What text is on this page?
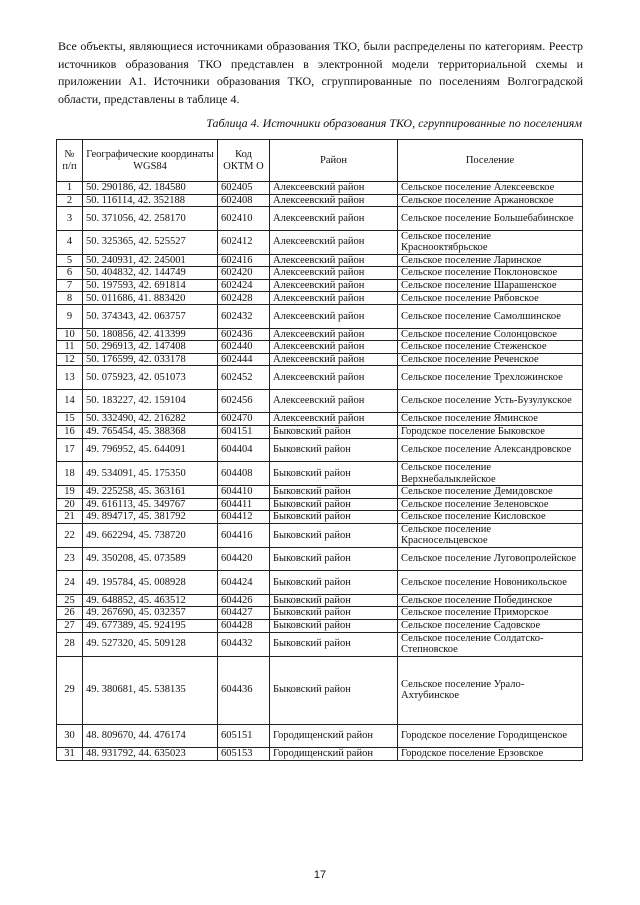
Все объекты, являющиеся источниками образования ТКО, были распределены по категориям. Реестр источников образования ТКО представлен в электронной модели территориальной схемы и приложении А1. Источники образования ТКО, сгруппированные по поселениям Волгоградской области, представлены в таблице 4.
Таблица 4. Источники образования ТКО, сгруппированные по поселениям
№ п/п	Географические координаты WGS84	Код ОКТМ О	Район	Поселение
1	50. 290186, 42. 184580	602405	Алексеевский район	Сельское поселение Алексеевское
2	50. 116114, 42. 352188	602408	Алексеевский район	Сельское поселение Аржановское
3	50. 371056, 42. 258170	602410	Алексеевский район	Сельское поселение Большебабинское
4	50. 325365, 42. 525527	602412	Алексеевский район	Сельское поселение Краснооктябрьское
5	50. 240931, 42. 245001	602416	Алексеевский район	Сельское поселение Ларинское
6	50. 404832, 42. 144749	602420	Алексеевский район	Сельское поселение Поклоновское
7	50. 197593, 42. 691814	602424	Алексеевский район	Сельское поселение Шарашенское
8	50. 011686, 41. 883420	602428	Алексеевский район	Сельское поселение Рябовское
9	50. 374343, 42. 063757	602432	Алексеевский район	Сельское поселение Самолшинское
10	50. 180856, 42. 413399	602436	Алексеевский район	Сельское поселение Солонцовское
11	50. 296913, 42. 147408	602440	Алексеевский район	Сельское поселение Стеженское
12	50. 176599, 42. 033178	602444	Алексеевский район	Сельское поселение Реченское
13	50. 075923, 42. 051073	602452	Алексеевский район	Сельское поселение Трехложинское
14	50. 183227, 42. 159104	602456	Алексеевский район	Сельское поселение Усть-Бузулукское
15	50. 332490, 42. 216282	602470	Алексеевский район	Сельское поселение Яминское
16	49. 765454, 45. 388368	604151	Быковский район	Городское поселение Быковское
17	49. 796952, 45. 644091	604404	Быковский район	Сельское поселение Александровское
18	49. 534091, 45. 175350	604408	Быковский район	Сельское поселение Верхнебалыклейское
19	49. 225258, 45. 363161	604410	Быковский район	Сельское поселение Демидовское
20	49. 616113, 45. 349767	604411	Быковский район	Сельское поселение Зеленовское
21	49. 894717, 45. 381792	604412	Быковский район	Сельское поселение Кисловское
22	49. 662294, 45. 738720	604416	Быковский район	Сельское поселение Красносельцевское
23	49. 350208, 45. 073589	604420	Быковский район	Сельское поселение Луговопролейское
24	49. 195784, 45. 008928	604424	Быковский район	Сельское поселение Новоникольское
25	49. 648852, 45. 463512	604426	Быковский район	Сельское поселение Побединское
26	49. 267690, 45. 032357	604427	Быковский район	Сельское поселение Приморское
27	49. 677389, 45. 924195	604428	Быковский район	Сельское поселение Садовское
28	49. 527320, 45. 509128	604432	Быковский район	Сельское поселение Солдатско-Степновское
29	49. 380681, 45. 538135	604436	Быковский район	Сельское поселение Урало-Ахтубинское
30	48. 809670, 44. 476174	605151	Городищенский район	Городское поселение Городищенское
31	48. 931792, 44. 635023	605153	Городищенский район	Городское поселение Ерзовское
17
